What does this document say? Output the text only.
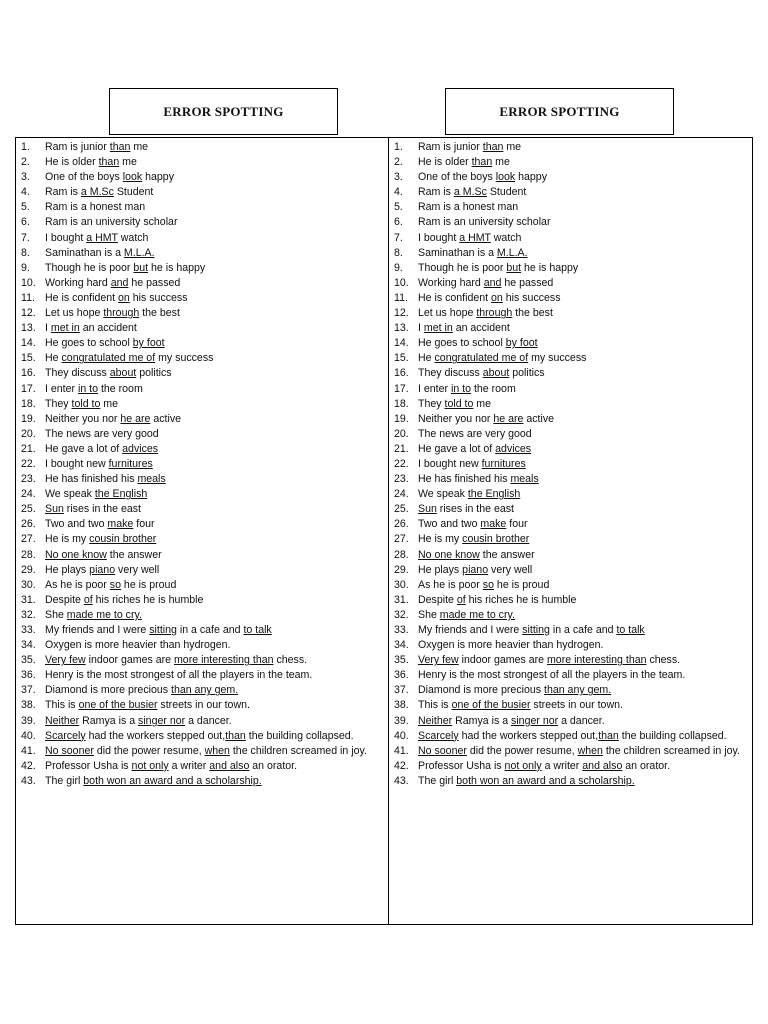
ERROR SPOTTING	ERROR SPOTTING
1. Ram is junior than me
2. He is older than me
3. One of the boys look happy
4. Ram is a M.Sc Student
5. Ram is a honest man
6. Ram is an university scholar
7. I bought a HMT watch
8. Saminathan is a M.L.A.
9. Though he is poor but he is happy
10. Working hard and he passed
11. He is confident on his success
12. Let us hope through the best
13. I met in an accident
14. He goes to school by foot
15. He congratulated me of my success
16. They discuss about politics
17. I enter in to the room
18. They told to me
19. Neither you nor he are active
20. The news are very good
21. He gave a lot of advices
22. I bought new furnitures
23. He has finished his meals
24. We speak the English
25. Sun rises in the east
26. Two and two make four
27. He is my cousin brother
28. No one know the answer
29. He plays piano very well
30. As he is poor so he is proud
31. Despite of his riches he is humble
32. She made me to cry.
33. My friends and I were sitting in a cafe and to talk
34. Oxygen is more heavier than hydrogen.
35. Very few indoor games are more interesting than chess.
36. Henry is the most strongest of all the players in the team.
37. Diamond is more precious than any gem.
38. This is one of the busier streets in our town.
39. Neither Ramya is a singer nor a dancer.
40. Scarcely had the workers stepped out,than the building collapsed.
41. No sooner did the power resume, when the children screamed in joy.
42. Professor Usha is not only a writer and also an orator.
43. The girl both won an award and a scholarship.
1. Ram is junior than me
2. He is older than me
3. One of the boys look happy
4. Ram is a M.Sc Student
5. Ram is a honest man
6. Ram is an university scholar
7. I bought a HMT watch
8. Saminathan is a M.L.A.
9. Though he is poor but he is happy
10. Working hard and he passed
11. He is confident on his success
12. Let us hope through the best
13. I met in an accident
14. He goes to school by foot
15. He congratulated me of my success
16. They discuss about politics
17. I enter in to the room
18. They told to me
19. Neither you nor he are active
20. The news are very good
21. He gave a lot of advices
22. I bought new furnitures
23. He has finished his meals
24. We speak the English
25. Sun rises in the east
26. Two and two make four
27. He is my cousin brother
28. No one know the answer
29. He plays piano very well
30. As he is poor so he is proud
31. Despite of his riches he is humble
32. She made me to cry.
33. My friends and I were sitting in a cafe and to talk
34. Oxygen is more heavier than hydrogen.
35. Very few indoor games are more interesting than chess.
36. Henry is the most strongest of all the players in the team.
37. Diamond is more precious than any gem.
38. This is one of the busier streets in our town.
39. Neither Ramya is a singer nor a dancer.
40. Scarcely had the workers stepped out,than the building collapsed.
41. No sooner did the power resume, when the children screamed in joy.
42. Professor Usha is not only a writer and also an orator.
43. The girl both won an award and a scholarship.
